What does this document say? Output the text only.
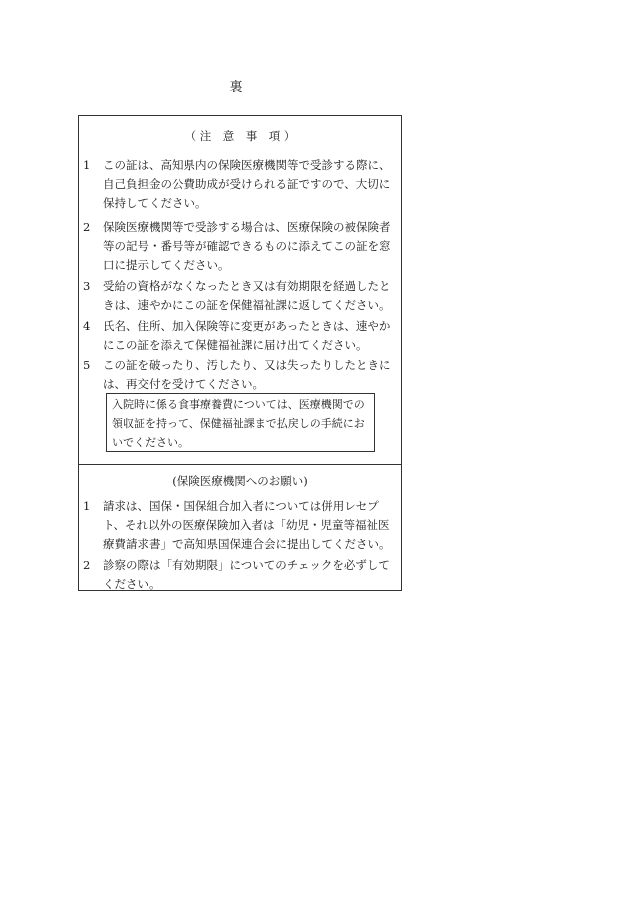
裏
（ 注　意　事　項 ）
1	この証は、高知県内の保険医療機関等で受診する際に、自己負担金の公費助成が受けられる証ですので、大切に保持してください。
2	保険医療機関等で受診する場合は、医療保険の被保険者等の記号・番号等が確認できるものに添えてこの証を窓口に提示してください。
3	受給の資格がなくなったとき又は有効期限を経過したときは、速やかにこの証を保健福祉課に返してください。
4	氏名、住所、加入保険等に変更があったときは、速やかにこの証を添えて保健福祉課に届け出てください。
5	この証を破ったり、汚したり、又は失ったりしたときには、再交付を受けてください。
入院時に係る食事療養費については、医療機関での領収証を持って、保健福祉課まで払戻しの手続においでください。
(保険医療機関へのお願い)
1	請求は、国保・国保組合加入者については併用レセプト、それ以外の医療保険加入者は「幼児・児童等福祉医療費請求書」で高知県国保連合会に提出してください。
2	診察の際は「有効期限」についてのチェックを必ずしてください。
